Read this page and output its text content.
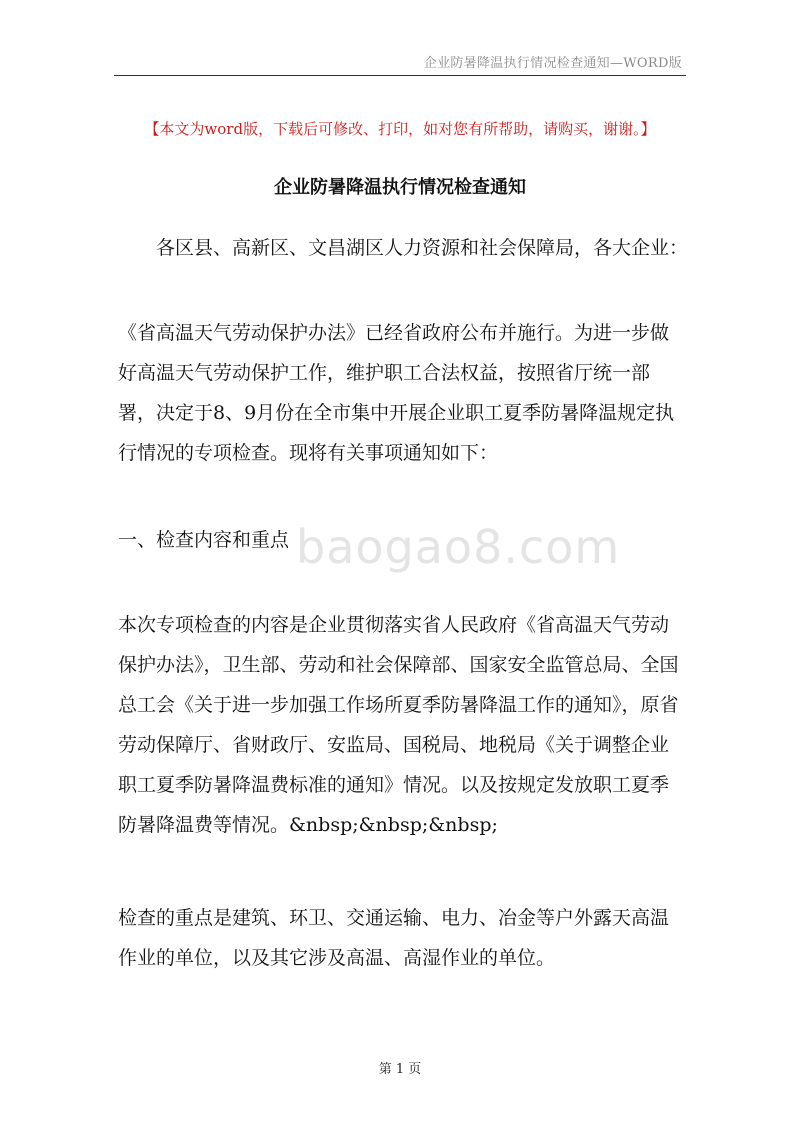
企业防暑降温执行情况检查通知—WORD版
【本文为word版，下载后可修改、打印，如对您有所帮助，请购买，谢谢。】
企业防暑降温执行情况检查通知

各区县、高新区、文昌湖区人力资源和社会保障局，各大企业：

《省高温天气劳动保护办法》已经省政府公布并施行。为进一步做好高温天气劳动保护工作，维护职工合法权益，按照省厅统一部署，决定于8、9月份在全市集中开展企业职工夏季防暑降温规定执行情况的专项检查。现将有关事项通知如下：

一、检查内容和重点 baogao8.com

本次专项检查的内容是企业贯彻落实省人民政府《省高温天气劳动保护办法》，卫生部、劳动和社会保障部、国家安全监管总局、全国总工会《关于进一步加强工作场所夏季防暑降温工作的通知》，原省劳动保障厅、省财政厅、安监局、国税局、地税局《关于调整企业职工夏季防暑降温费标准的通知》情况。以及按规定发放职工夏季防暑降温费等情况。&nbsp;&nbsp;&nbsp;

检查的重点是建筑、环卫、交通运输、电力、冶金等户外露天高温作业的单位，以及其它涉及高温、高湿作业的单位。

第 1 页
